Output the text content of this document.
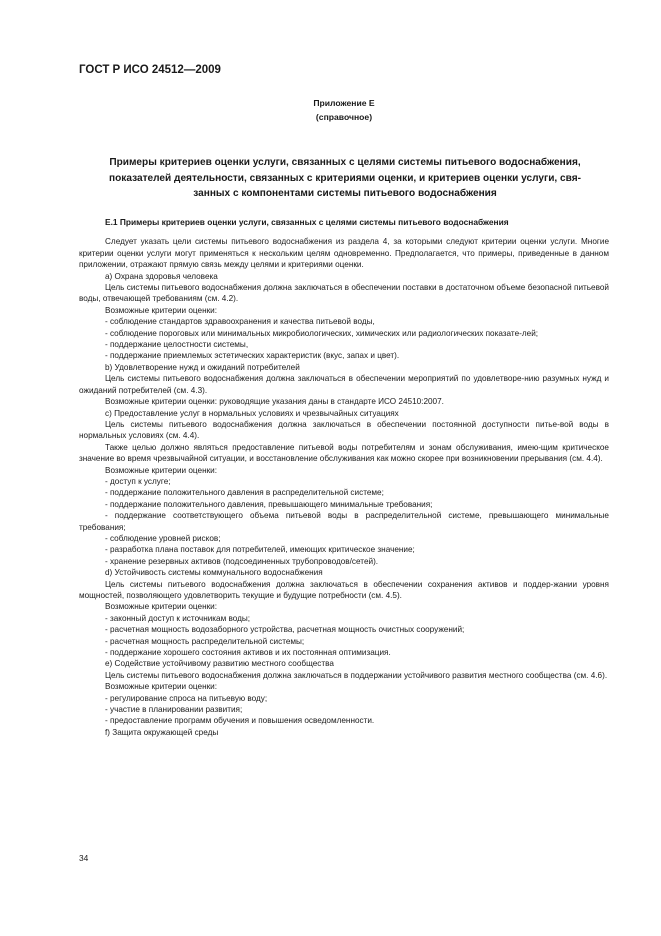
ГОСТ Р ИСО 24512—2009
Приложение Е
(справочное)
Примеры критериев оценки услуги, связанных с целями системы питьевого водоснабжения,
показателей деятельности, связанных с критериями оценки, и критериев оценки услуги, свя-
занных с компонентами системы питьевого водоснабжения
Е.1 Примеры критериев оценки услуги, связанных с целями системы питьевого водоснабжения

Следует указать цели системы питьевого водоснабжения из раздела 4, за которыми следуют критерии оценки услуги. Многие критерии оценки услуги могут применяться к нескольким целям одновременно. Предполагается, что примеры, приведенные в данном приложении, отражают прямую связь между целями и критериями оценки.

а) Охрана здоровья человека

Цель системы питьевого водоснабжения должна заключаться в обеспечении поставки в достаточном объеме безопасной питьевой воды, отвечающей требованиям (см. 4.2).

Возможные критерии оценки:

- соблюдение стандартов здравоохранения и качества питьевой воды,

- соблюдение пороговых или минимальных микробиологических, химических или радиологических показате-лей;

- поддержание целостности системы,

- поддержание приемлемых эстетических характеристик (вкус, запах и цвет).

b) Удовлетворение нужд и ожиданий потребителей

Цель системы питьевого водоснабжения должна заключаться в обеспечении мероприятий по удовлетворе-нию разумных нужд и ожиданий потребителей (см. 4.3).

Возможные критерии оценки: руководящие указания даны в стандарте ИСО 24510:2007.

c) Предоставление услуг в нормальных условиях и чрезвычайных ситуациях

Цель системы питьевого водоснабжения должна заключаться в обеспечении постоянной доступности питье-вой воды в нормальных условиях (см. 4.4).

Также целью должно являться предоставление питьевой воды потребителям и зонам обслуживания, имею-щим критическое значение во время чрезвычайной ситуации, и восстановление обслуживания как можно скорее при возникновении прерывания (см. 4.4).

Возможные критерии оценки:

- доступ к услуге;

- поддержание положительного давления в распределительной системе;

- поддержание положительного давления, превышающего минимальные требования;

- поддержание соответствующего объема питьевой воды в распределительной системе, превышающего минимальные требования;

- соблюдение уровней рисков;

- разработка плана поставок для потребителей, имеющих критическое значение;

- хранение резервных активов (подсоединенных трубопроводов/сетей).

d) Устойчивость системы коммунального водоснабжения

Цель системы питьевого водоснабжения должна заключаться в обеспечении сохранения активов и поддер-жании уровня мощностей, позволяющего удовлетворить текущие и будущие потребности (см. 4.5).

Возможные критерии оценки:

- законный доступ к источникам воды;

- расчетная мощность водозаборного устройства, расчетная мощность очистных сооружений;

- расчетная мощность распределительной системы;

- поддержание хорошего состояния активов и их постоянная оптимизация.

e) Содействие устойчивому развитию местного сообщества

Цель системы питьевого водоснабжения должна заключаться в поддержании устойчивого развития местного сообщества (см. 4.6).

Возможные критерии оценки:

- регулирование спроса на питьевую воду;

- участие в планировании развития;

- предоставление программ обучения и повышения осведомленности.

f) Защита окружающей среды

34
